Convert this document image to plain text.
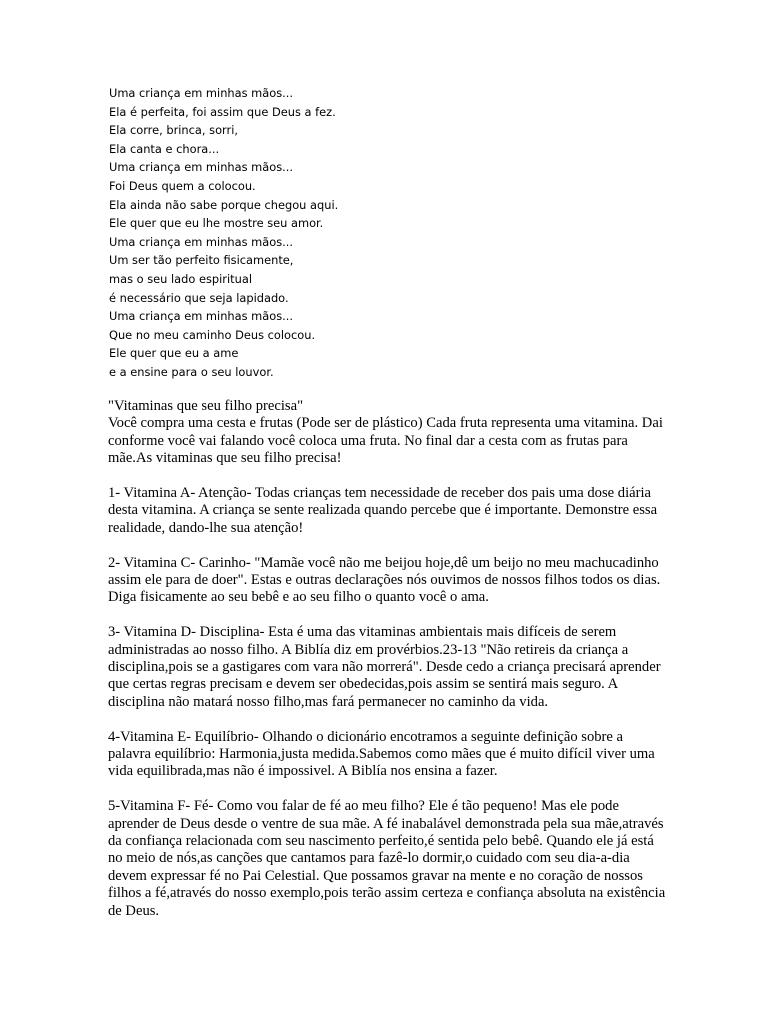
Uma criança em minhas mãos...
Ela é perfeita, foi assim que Deus a fez.
Ela corre, brinca, sorri,
Ela canta e chora...
Uma criança em minhas mãos...
Foi Deus quem a colocou.
Ela ainda não sabe porque chegou aqui.
Ele quer que eu lhe mostre seu amor.
Uma criança em minhas mãos...
Um ser tão perfeito fisicamente,
mas o seu lado espiritual
é necessário que seja lapidado.
Uma criança em minhas mãos...
Que no meu caminho Deus colocou.
Ele quer que eu a ame
e a ensine para o seu louvor.

"Vitaminas que seu filho precisa"
Você compra uma cesta e frutas (Pode ser de plástico) Cada fruta representa uma vitamina. Dai conforme você vai falando você coloca uma fruta. No final dar a cesta com as frutas para mãe.As vitaminas que seu filho precisa!

1- Vitamina A- Atenção- Todas crianças tem necessidade de receber dos pais uma dose diária desta vitamina. A criança se sente realizada quando percebe que é importante. Demonstre essa realidade, dando-lhe sua atenção!

2- Vitamina C- Carinho- "Mamãe você não me beijou hoje,dê um beijo no meu machucadinho assim ele para de doer". Estas e outras declarações nós ouvimos de nossos filhos todos os dias. Diga fisicamente ao seu bebê e ao seu filho o quanto você o ama.

3- Vitamina D- Disciplina- Esta é uma das vitaminas ambientais mais difíceis de serem administradas ao nosso filho. A Biblía diz em provérbios.23-13 "Não retireis da criança a disciplina,pois se a gastigares com vara não morrerá". Desde cedo a criança precisará aprender que certas regras precisam e devem ser obedecidas,pois assim se sentirá mais seguro. A disciplina não matará nosso filho,mas fará permanecer no caminho da vida.

4-Vitamina E- Equilíbrio- Olhando o dicionário encotramos a seguinte definição sobre a palavra equilíbrio: Harmonia,justa medida.Sabemos como mães que é muito difícil viver uma vida equilibrada,mas não é impossivel. A Biblía nos ensina a fazer.

5-Vitamina F- Fé- Como vou falar de fé ao meu filho? Ele é tão pequeno! Mas ele pode aprender de Deus desde o ventre de sua mãe. A fé inabalável demonstrada pela sua mãe,através da confiança relacionada com seu nascimento perfeito,é sentida pelo bebê. Quando ele já está no meio de nós,as canções que cantamos para fazê-lo dormir,o cuidado com seu dia-a-dia devem expressar fé no Pai Celestial. Que possamos gravar na mente e no coração de nossos filhos a fé,através do nosso exemplo,pois terão assim certeza e confiança absoluta na existência de Deus.
